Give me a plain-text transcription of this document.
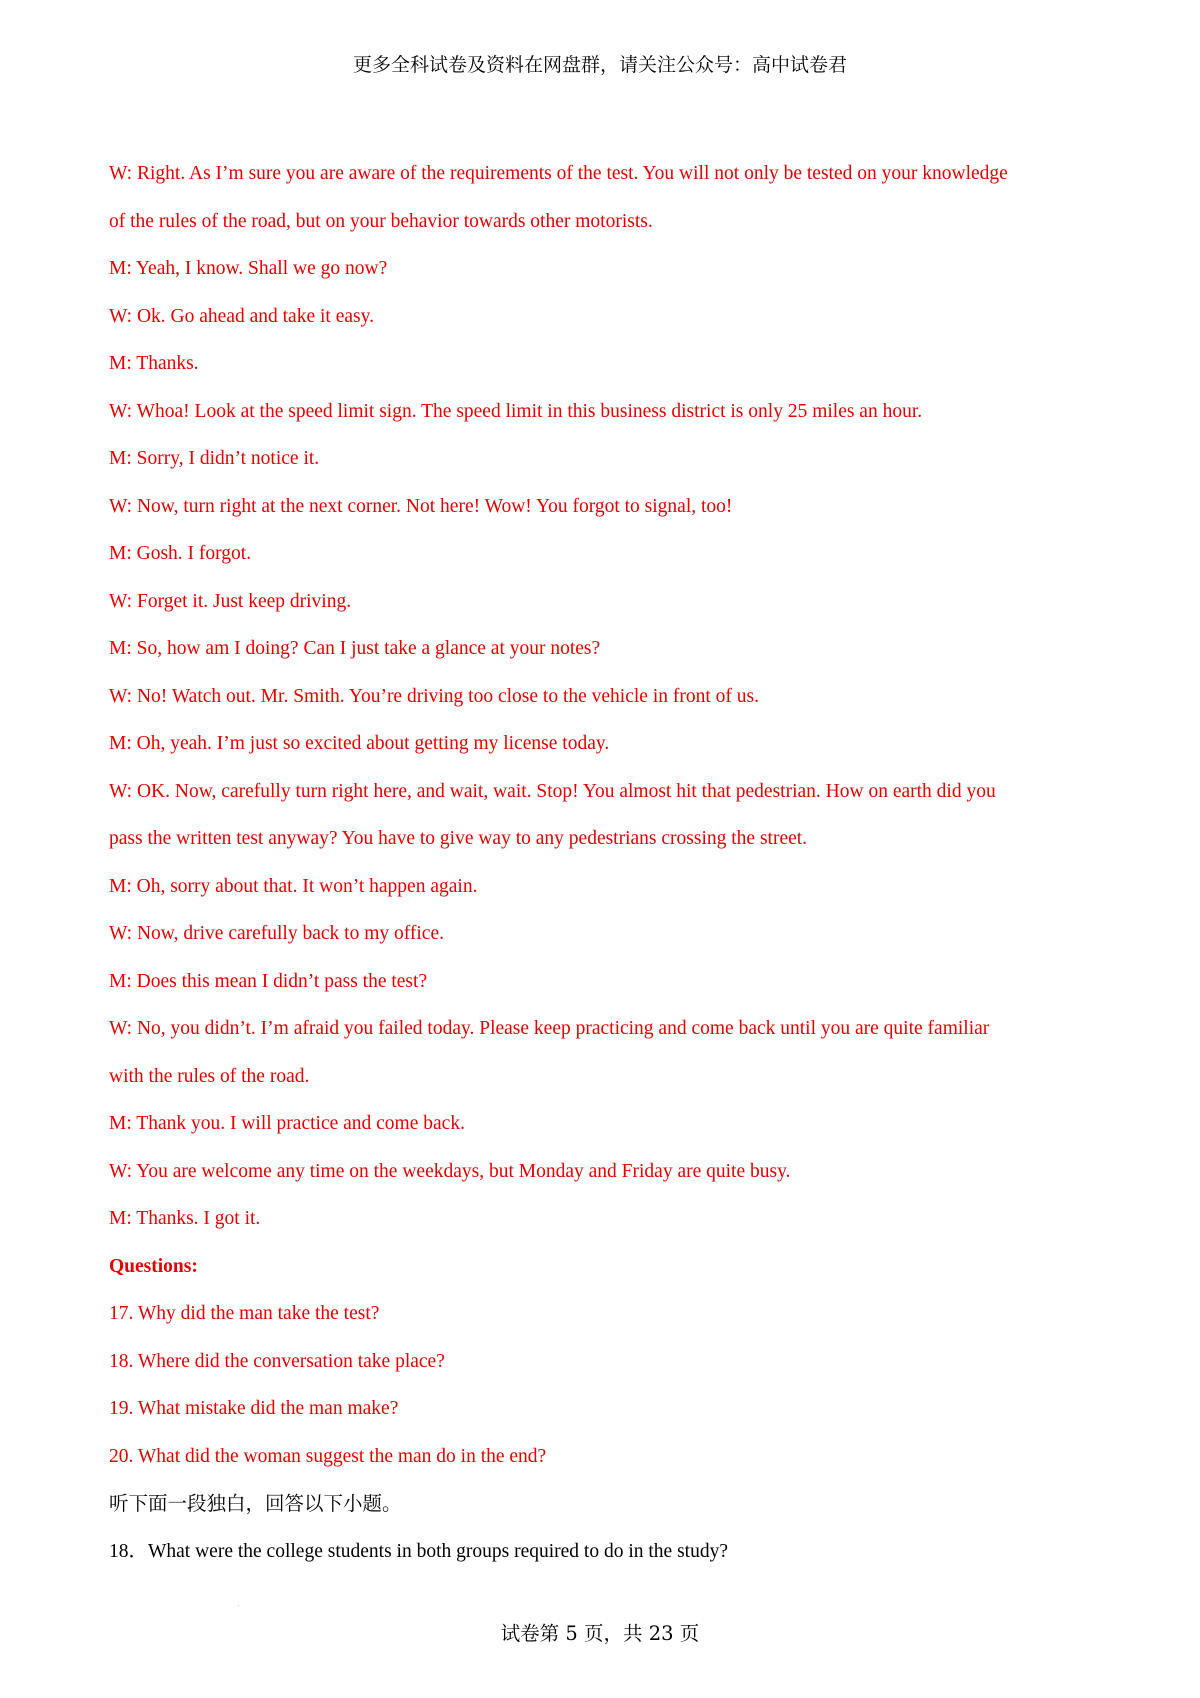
更多全科试卷及资料在网盘群，请关注公众号：高中试卷君

W: Right. As I’m sure you are aware of the requirements of the test. You will not only be tested on your knowledge

of the rules of the road, but on your behavior towards other motorists.

M: Yeah, I know. Shall we go now?

W: Ok. Go ahead and take it easy.

M: Thanks.

W: Whoa! Look at the speed limit sign. The speed limit in this business district is only 25 miles an hour.

M: Sorry, I didn’t notice it.

W: Now, turn right at the next corner. Not here! Wow! You forgot to signal, too!

M: Gosh. I forgot.

W: Forget it. Just keep driving.

M: So, how am I doing? Can I just take a glance at your notes?

W: No! Watch out. Mr. Smith. You’re driving too close to the vehicle in front of us.

M: Oh, yeah. I’m just so excited about getting my license today.

W: OK. Now, carefully turn right here, and wait, wait. Stop! You almost hit that pedestrian. How on earth did you

pass the written test anyway? You have to give way to any pedestrians crossing the street.

M: Oh, sorry about that. It won’t happen again.

W: Now, drive carefully back to my office.

M: Does this mean I didn’t pass the test?

W: No, you didn’t. I’m afraid you failed today. Please keep practicing and come back until you are quite familiar

with the rules of the road.

M: Thank you. I will practice and come back.

W: You are welcome any time on the weekdays, but Monday and Friday are quite busy.

M: Thanks. I got it.

Questions:

17. Why did the man take the test?

18. Where did the conversation take place?

19. What mistake did the man make?

20. What did the woman suggest the man do in the end?

听下面一段独白，回答以下小题。

18．What were the college students in both groups required to do in the study?

试卷第 5 页，共 23 页
